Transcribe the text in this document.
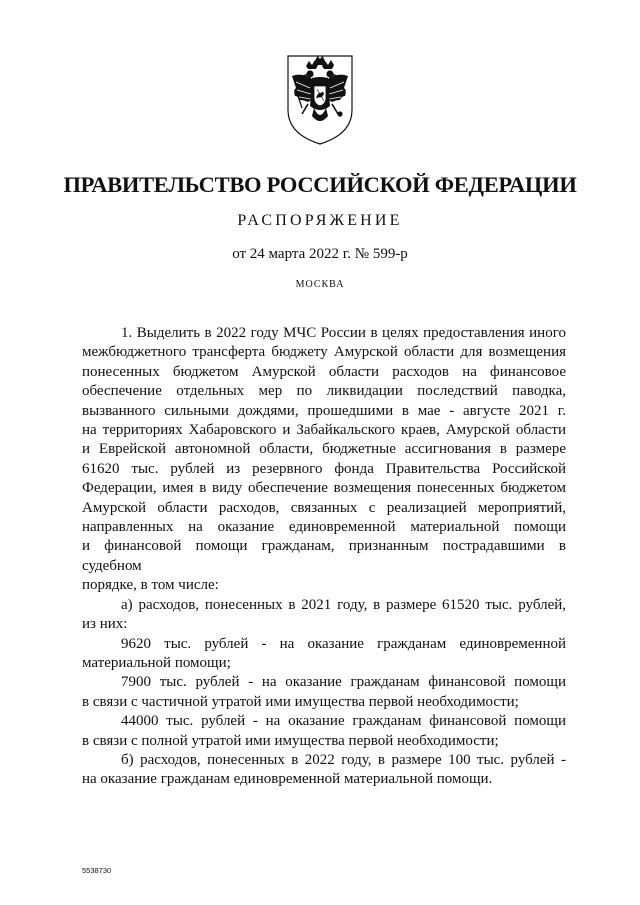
ПРАВИТЕЛЬСТВО РОССИЙСКОЙ ФЕДЕРАЦИИ
РАСПОРЯЖЕНИЕ
от 24 марта 2022 г. № 599-р
МОСКВА

1. Выделить в 2022 году МЧС России в целях предоставления иного

межбюджетного трансферта бюджету Амурской области для возмещения

понесенных бюджетом Амурской области расходов на финансовое

обеспечение отдельных мер по ликвидации последствий паводка,

вызванного сильными дождями, прошедшими в мае - августе 2021 г.

на территориях Хабаровского и Забайкальского краев, Амурской области

и Еврейской автономной области, бюджетные ассигнования в размере

61620 тыс. рублей из резервного фонда Правительства Российской

Федерации, имея в виду обеспечение возмещения понесенных бюджетом

Амурской области расходов, связанных с реализацией мероприятий,

направленных на оказание единовременной материальной помощи

и финансовой помощи гражданам, признанным пострадавшими в судебном

порядке, в том числе:

а) расходов, понесенных в 2021 году, в размере 61520 тыс. рублей,

из них:

9620 тыс. рублей - на оказание гражданам единовременной

материальной помощи;

7900 тыс. рублей - на оказание гражданам финансовой помощи

в связи с частичной утратой ими имущества первой необходимости;

44000 тыс. рублей - на оказание гражданам финансовой помощи

в связи с полной утратой ими имущества первой необходимости;

б) расходов, понесенных в 2022 году, в размере 100 тыс. рублей -

на оказание гражданам единовременной материальной помощи.

5538730
